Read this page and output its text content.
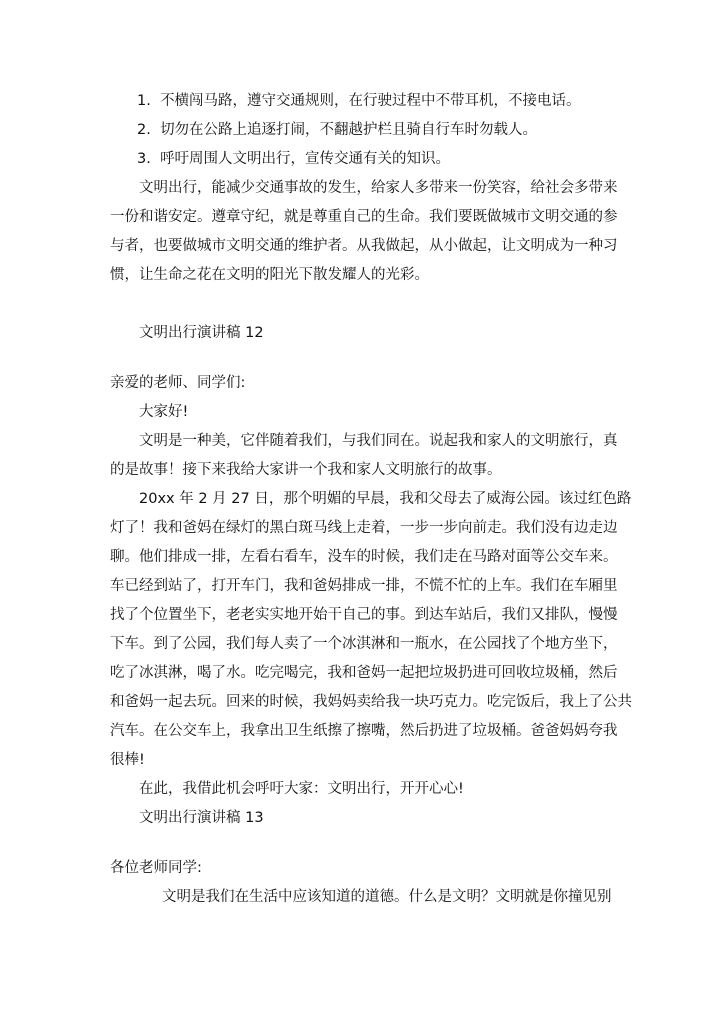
1. 不横闯马路，遵守交通规则，在行驶过程中不带耳机，不接电话。
2. 切勿在公路上追逐打闹，不翻越护栏且骑自行车时勿载人。
3. 呼吁周围人文明出行，宣传交通有关的知识。

文明出行，能减少交通事故的发生，给家人多带来一份笑容，给社会多带来

一份和谐安定。遵章守纪，就是尊重自己的生命。我们要既做城市文明交通的参

与者，也要做城市文明交通的维护者。从我做起，从小做起，让文明成为一种习

惯，让生命之花在文明的阳光下散发耀人的光彩。

文明出行演讲稿 12

亲爱的老师、同学们:

大家好!

文明是一种美，它伴随着我们，与我们同在。说起我和家人的文明旅行，真

的是故事！接下来我给大家讲一个我和家人文明旅行的故事。

20xx 年 2 月 27 日，那个明媚的早晨，我和父母去了威海公园。该过红色路

灯了！我和爸妈在绿灯的黑白斑马线上走着，一步一步向前走。我们没有边走边

聊。他们排成一排，左看右看车，没车的时候，我们走在马路对面等公交车来。

车已经到站了，打开车门，我和爸妈排成一排，不慌不忙的上车。我们在车厢里

找了个位置坐下，老老实实地开始干自己的事。到达车站后，我们又排队，慢慢

下车。到了公园，我们每人卖了一个冰淇淋和一瓶水，在公园找了个地方坐下，

吃了冰淇淋，喝了水。吃完喝完，我和爸妈一起把垃圾扔进可回收垃圾桶，然后

和爸妈一起去玩。回来的时候，我妈妈卖给我一块巧克力。吃完饭后，我上了公共

汽车。在公交车上，我拿出卫生纸擦了擦嘴，然后扔进了垃圾桶。爸爸妈妈夸我

很棒!

在此，我借此机会呼吁大家：文明出行，开开心心!

文明出行演讲稿 13

各位老师同学:

文明是我们在生活中应该知道的道德。什么是文明？文明就是你撞见别
